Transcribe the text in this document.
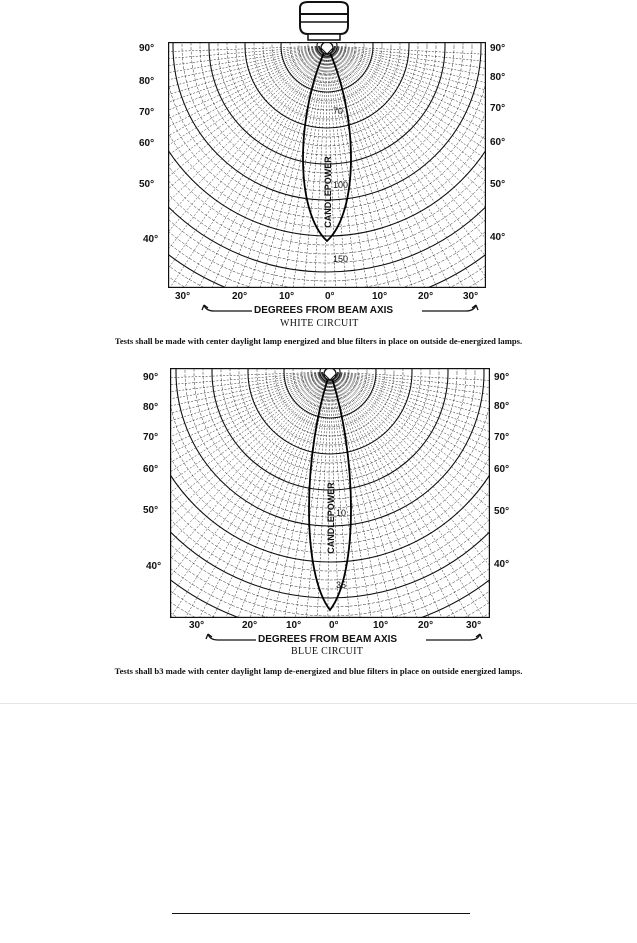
CANDLEPOWER
70
100
150
90°
80°
70°
60°
50°
40°
90°
80°
70°
60°
50°
40°
30°	20°	10°	0°	10°	20°	30°
DEGREES FROM BEAM AXIS
WHITE CIRCUIT
Tests shall be made with center daylight lamp energized and blue filters in place on outside de-energized lamps.
CANDLEPOWER 10
35
90°
80°
70°
60°
50°
40°
90°
80°
70°
60°
50°
40°
30°	20°	10°	0°	10°	20°	30°
DEGREES FROM BEAM AXIS
BLUE CIRCUIT
Tests shall b3 made with center daylight lamp de-energized and blue filters in place on outside energized lamps.
